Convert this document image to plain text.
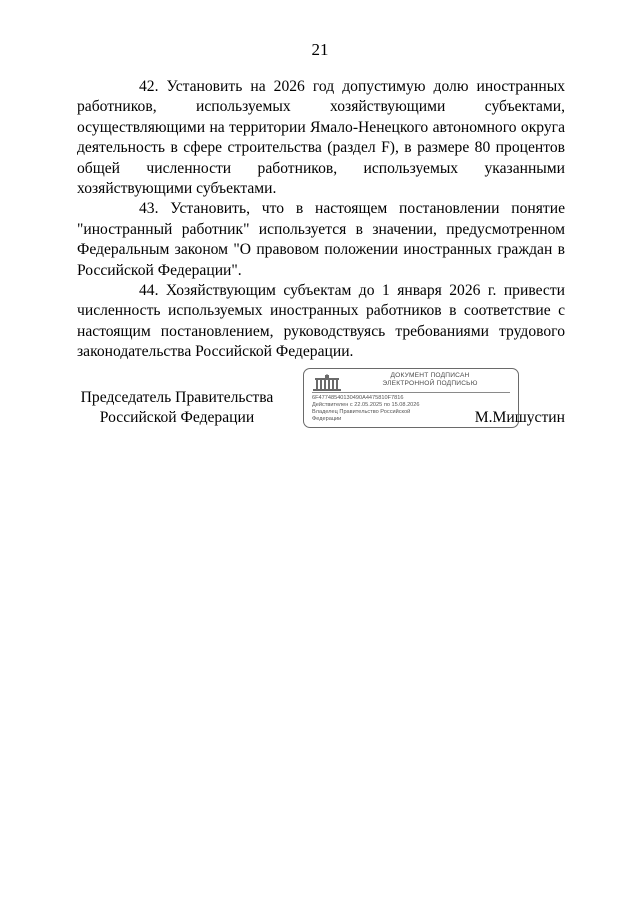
21

42. Установить на 2026 год допустимую долю иностранных работников, используемых хозяйствующими субъектами, осуществляющими на территории Ямало-Ненецкого автономного округа деятельность в сфере строительства (раздел F), в размере 80 процентов общей численности работников, используемых указанными хозяйствующими субъектами.

43. Установить, что в настоящем постановлении понятие "иностранный работник" используется в значении, предусмотренном Федеральным законом "О правовом положении иностранных граждан в Российской Федерации".

44. Хозяйствующим субъектам до 1 января 2026 г. привести численность используемых иностранных работников в соответствие с настоящим постановлением, руководствуясь требованиями трудового законодательства Российской Федерации.

Председатель Правительства
Российской Федерации
ДОКУМЕНТ ПОДПИСАН
ЭЛЕКТРОННОЙ ПОДПИСЬЮ
6F47748540130490A4475810F7816
Действителен с 22.05.2025 по 15.08.2026
Владелец Правительство Российской
Федерации	М.Мишустин
